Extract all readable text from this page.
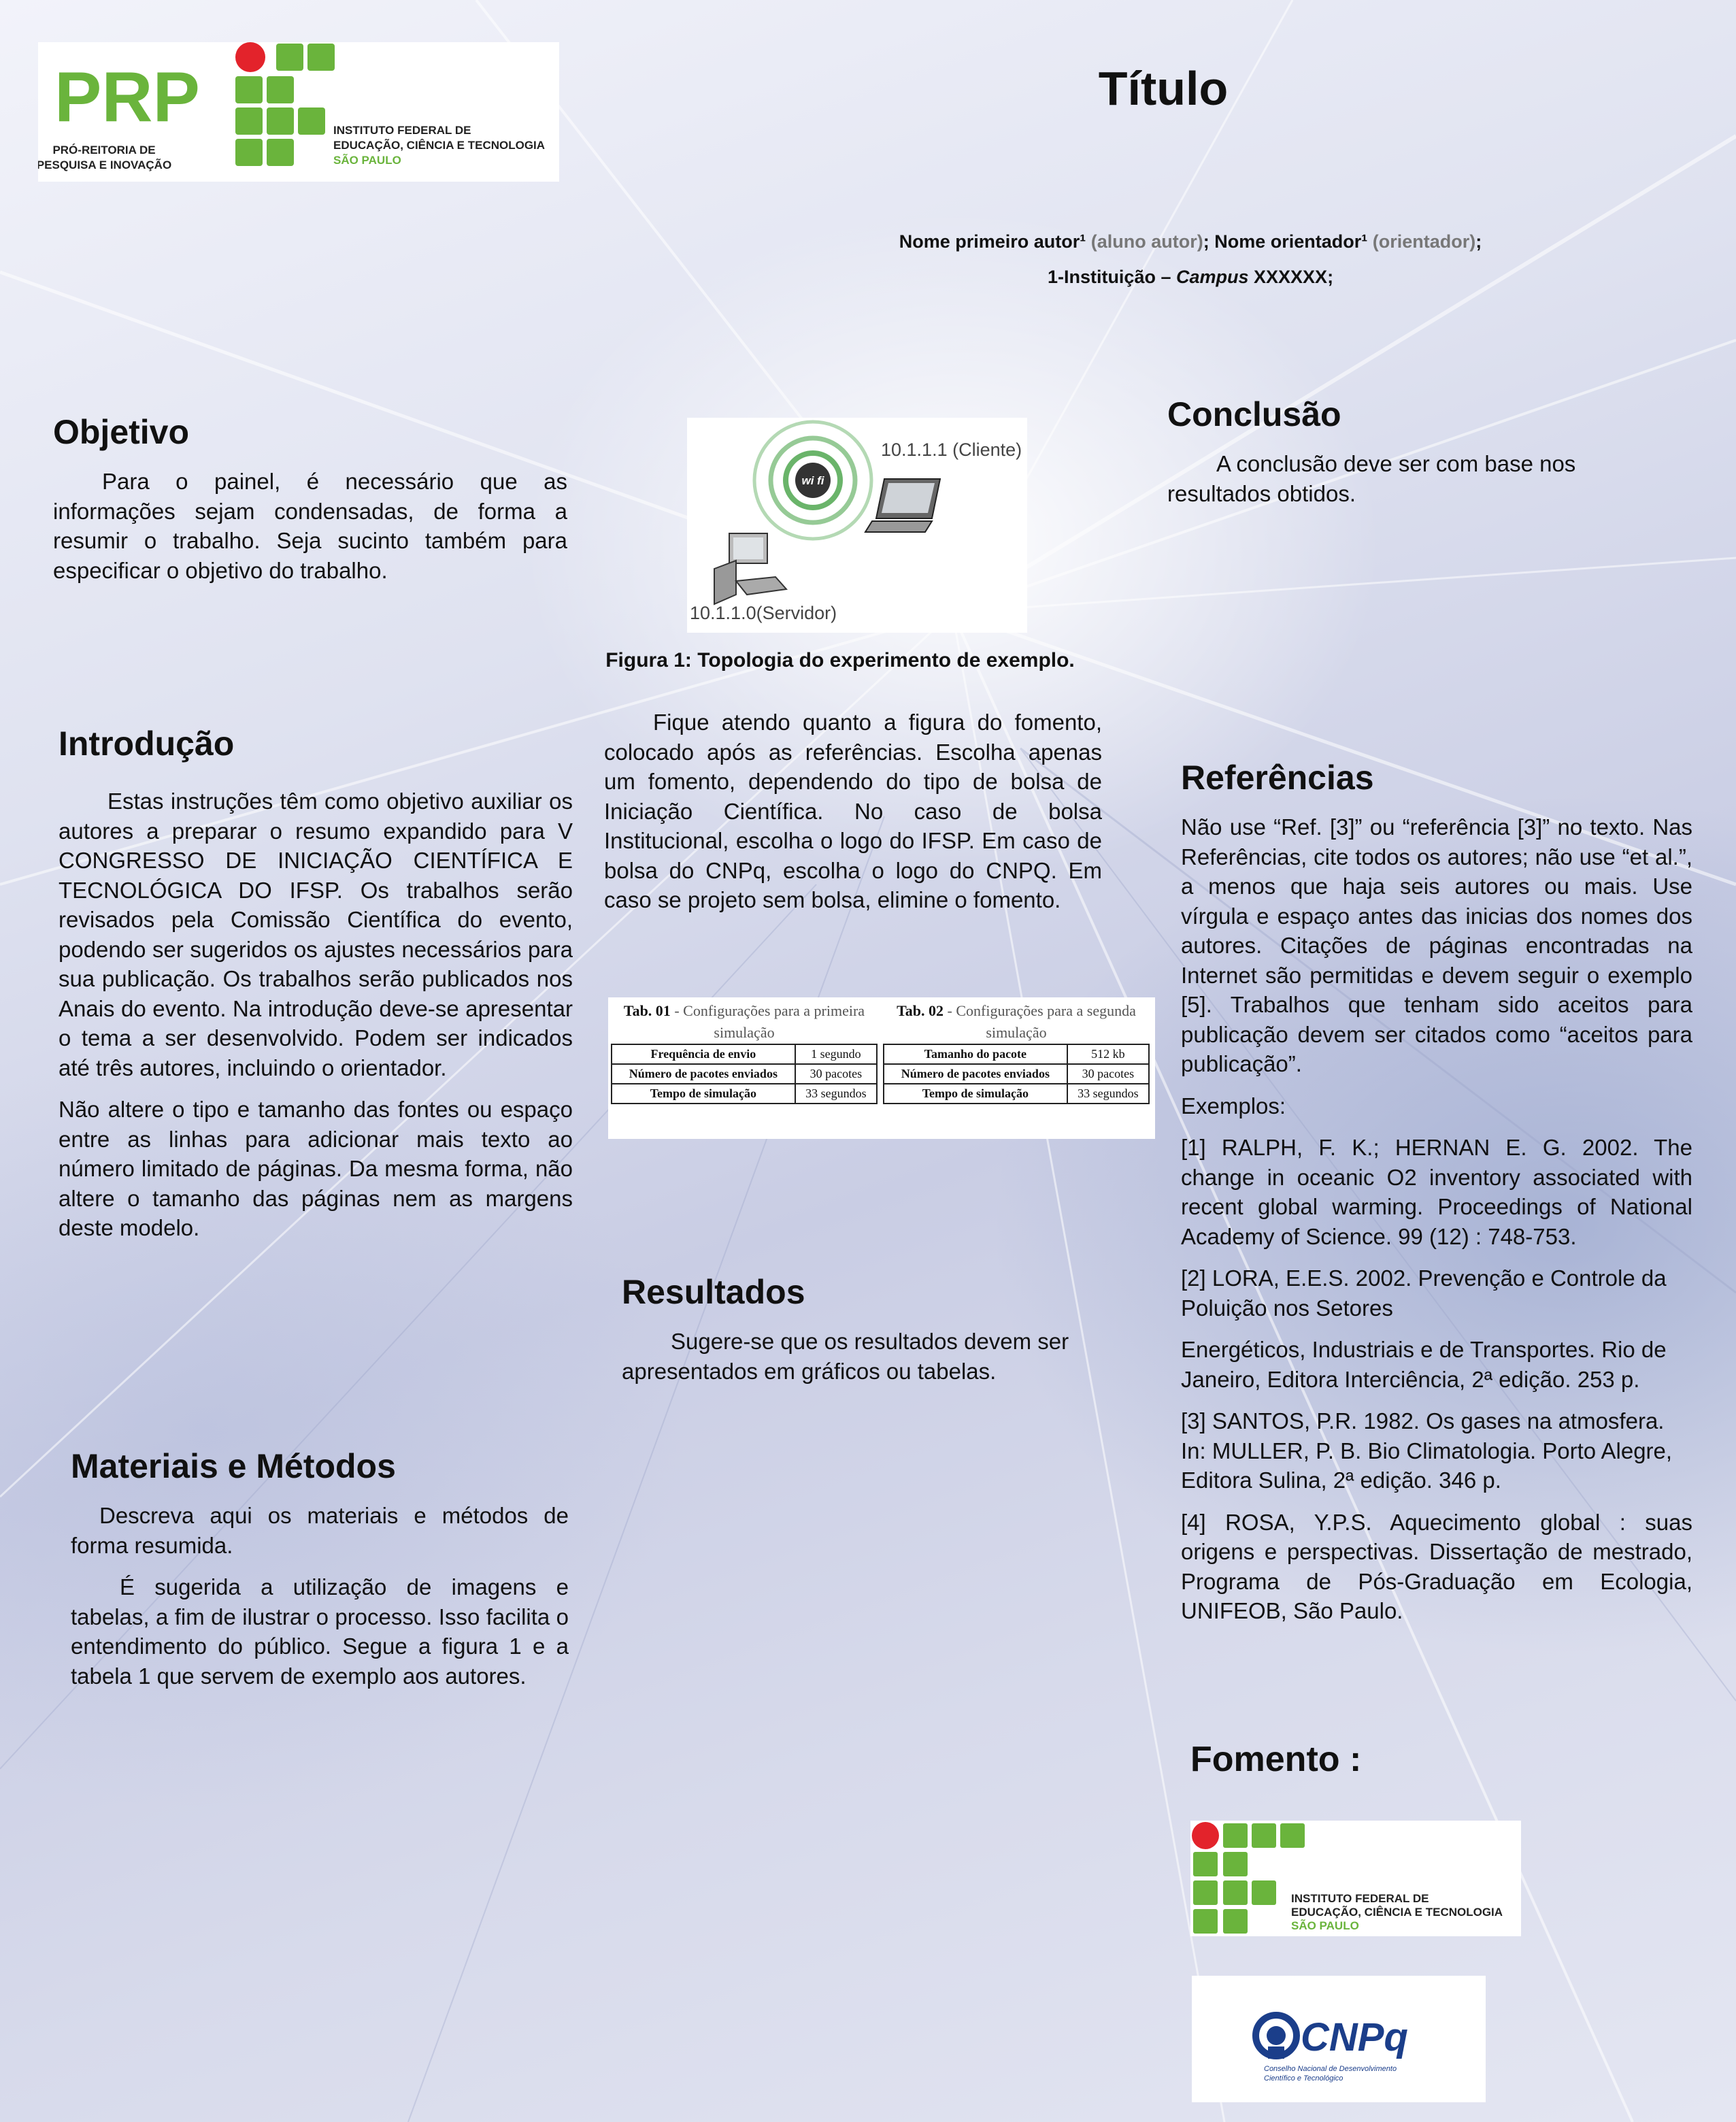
PRP
PRÓ-REITORIA DE
PESQUISA E INOVAÇÃO
INSTITUTO FEDERAL DE
EDUCAÇÃO, CIÊNCIA E TECNOLOGIA
SÃO PAULO
Título
Nome primeiro autor¹ (aluno autor); Nome orientador¹ (orientador);
1-Instituição – Campus XXXXXX;
Objetivo

Para o painel, é necessário que as informações sejam condensadas, de forma a resumir o trabalho. Seja sucinto também para especificar o objetivo do trabalho.

wi fi
10.1.1.1 (Cliente)
10.1.1.0(Servidor)
Figura 1: Topologia do experimento de exemplo.
Conclusão

A conclusão deve ser com base nos resultados obtidos.

Introdução

Estas instruções têm como objetivo auxiliar os autores a preparar o resumo expandido para V CONGRESSO DE INICIAÇÃO CIENTÍFICA E TECNOLÓGICA DO IFSP. Os trabalhos serão revisados pela Comissão Científica do evento, podendo ser sugeridos os ajustes necessários para sua publicação. Os trabalhos serão publicados nos Anais do evento. Na introdução deve-se apresentar o tema a ser desenvolvido. Podem ser indicados até três autores, incluindo o orientador.

Não altere o tipo e tamanho das fontes ou espaço entre as linhas para adicionar mais texto ao número limitado de páginas. Da mesma forma, não altere o tamanho das páginas nem as margens deste modelo.

Fique atendo quanto a figura do fomento, colocado após as referências. Escolha apenas um fomento, dependendo do tipo de bolsa de Iniciação Científica. No caso de bolsa Institucional, escolha o logo do IFSP. Em caso de bolsa do CNPq, escolha o logo do CNPQ. Em caso se projeto sem bolsa, elimine o fomento.

Tab. 01 - Configurações para a primeira simulação
Frequência de envio	1 segundo
Número de pacotes enviados	30 pacotes
Tempo de simulação	33 segundos
Tab. 02 - Configurações para a segunda simulação
Tamanho do pacote	512 kb
Número de pacotes enviados	30 pacotes
Tempo de simulação	33 segundos
Resultados

Sugere-se que os resultados devem ser apresentados em gráficos ou tabelas.

Materiais e Métodos

Descreva aqui os materiais e métodos de forma resumida.

É sugerida a utilização de imagens e tabelas, a fim de ilustrar o processo. Isso facilita o entendimento do público. Segue a figura 1 e a tabela 1 que servem de exemplo aos autores.

Referências

Não use “Ref. [3]” ou “referência [3]” no texto. Nas Referências, cite todos os autores; não use “et al.”, a menos que haja seis autores ou mais. Use vírgula e espaço antes das inicias dos nomes dos autores. Citações de páginas encontradas na Internet são permitidas e devem seguir o exemplo [5]. Trabalhos que tenham sido aceitos para publicação devem ser citados como “aceitos para publicação”.

Exemplos:

[1] RALPH, F. K.; HERNAN E. G. 2002. The change in oceanic O2 inventory associated with recent global warming. Proceedings of National Academy of Science. 99 (12) : 748-753.

[2] LORA, E.E.S. 2002. Prevenção e Controle da Poluição nos Setores

Energéticos, Industriais e de Transportes. Rio de Janeiro, Editora Interciência, 2ª edição. 253 p.

[3] SANTOS, P.R. 1982. Os gases na atmosfera. In: MULLER, P. B. Bio Climatologia. Porto Alegre, Editora Sulina, 2ª edição. 346 p.

[4] ROSA, Y.P.S. Aquecimento global : suas origens e perspectivas. Dissertação de mestrado, Programa de Pós-Graduação em Ecologia, UNIFEOB, São Paulo.

Fomento :
INSTITUTO FEDERAL DE
EDUCAÇÃO, CIÊNCIA E TECNOLOGIA
SÃO PAULO
CNPq
Conselho Nacional de Desenvolvimento
Científico e Tecnológico
